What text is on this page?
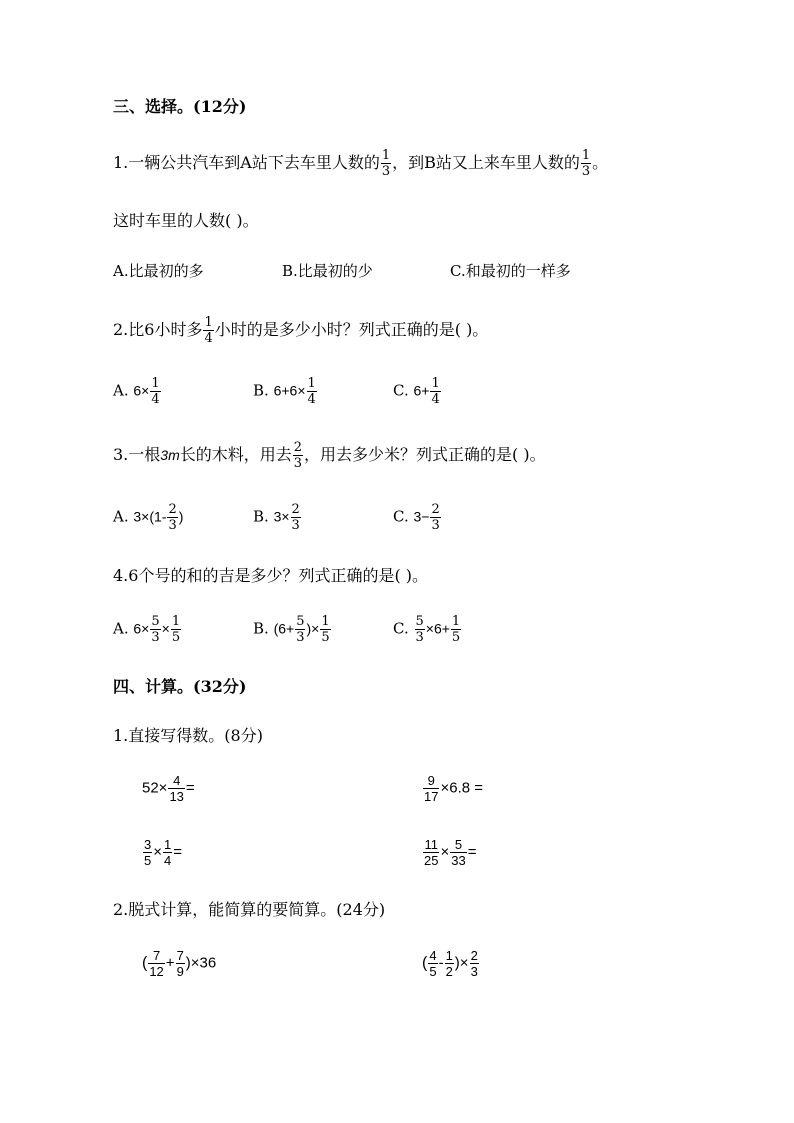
三、选择。(12分)
1.一辆公共汽车到A站下去车里人数的 $\frac{1}{3}$ ，到B站又上来车里人数的 $\frac{1}{3}$ 。
这时车里的人数( )。
A.比最初的多	B.比最初的少	C.和最初的一样多
2.比6小时多 $\frac{1}{4}$ 小时的是多少小时？列式正确的是( )。
A. $6\times \frac{1}{4}$	B. $6+6\times \frac{1}{4}$	C. $6+ \frac{1}{4}$
3.一根3m长的木料，用去 $\frac{2}{3}$ ，用去多少米？列式正确的是( )。
A. $3\times(1- \frac{2}{3}$ )	B. $3\times \frac{2}{3}$	C. $3- \frac{2}{3}$
4.6个号的和的吉是多少？列式正确的是( )。
A. $6\times \frac{5}{3} \times \frac{1}{5}$	B. ($6+ \frac{5}{3}$ )× $\frac{1}{5}$	C. $\frac{5}{3} \times 6+ \frac{1}{5}$
四、计算。(32分)
1.直接写得数。(8分)
$52\times \frac{4}{13}$ =	$\frac{9}{17} \times 6.8$ =
$\frac{3}{5} \times \frac{1}{4}$ =	$\frac{11}{25} \times \frac{5}{33}$ =
2.脱式计算，能简算的要简算。(24分)
( $\frac{7}{12} + \frac{7}{9} )\times 36$	( $\frac{4}{5} - \frac{1}{2}$ )× $\frac{2}{3}$
